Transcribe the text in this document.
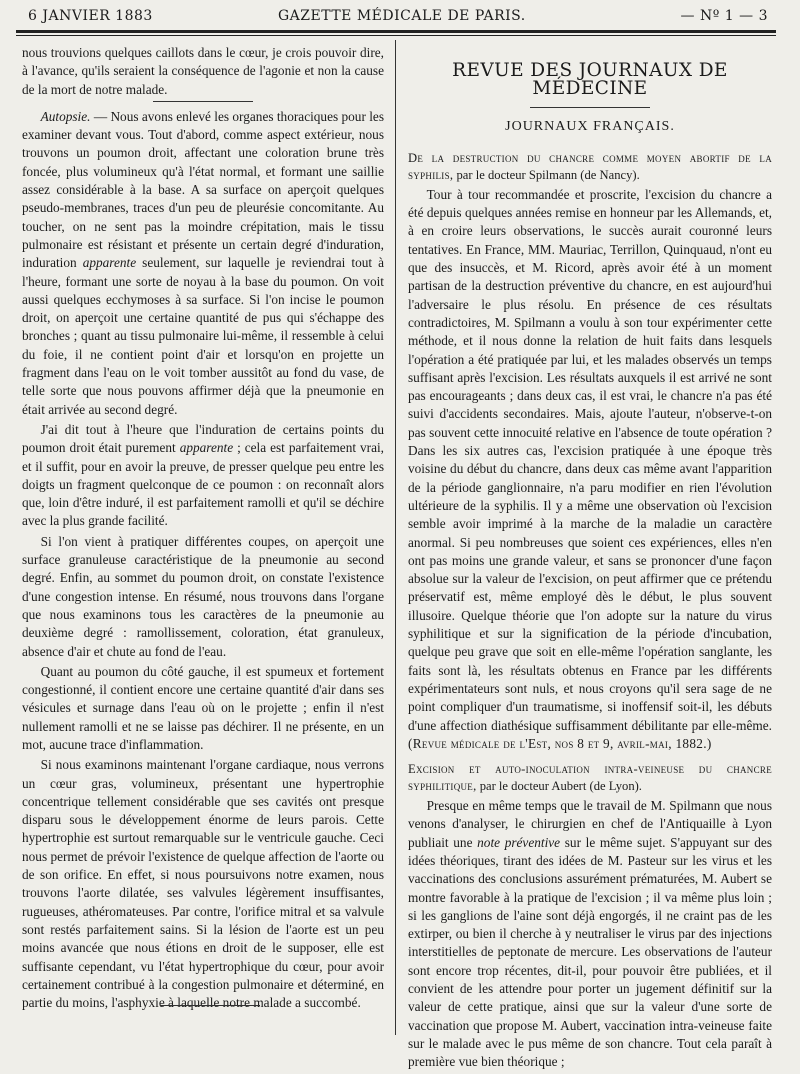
6 JANVIER 1883	GAZETTE MÉDICALE DE PARIS.	— Nº 1 — 3

nous trouvions quelques caillots dans le cœur, je crois pouvoir dire, à l'avance, qu'ils seraient la conséquence de l'agonie et non la cause de la mort de notre malade.

Autopsie. — Nous avons enlevé les organes thoraciques pour les examiner devant vous. Tout d'abord, comme aspect extérieur, nous trouvons un poumon droit, affectant une coloration brune très foncée, plus volumineux qu'à l'état normal, et formant une saillie assez considérable à la base. A sa surface on aperçoit quelques pseudo-membranes, traces d'un peu de pleurésie concomitante. Au toucher, on ne sent pas la moindre crépitation, mais le tissu pulmonaire est résistant et présente un certain degré d'induration, induration apparente seulement, sur laquelle je reviendrai tout à l'heure, formant une sorte de noyau à la base du poumon. On voit aussi quelques ecchymoses à sa surface. Si l'on incise le poumon droit, on aperçoit une certaine quantité de pus qui s'échappe des bronches ; quant au tissu pulmonaire lui-même, il ressemble à celui du foie, il ne contient point d'air et lorsqu'on en projette un fragment dans l'eau on le voit tomber aussitôt au fond du vase, de telle sorte que nous pouvons affirmer déjà que la pneumonie en était arrivée au second degré.

J'ai dit tout à l'heure que l'induration de certains points du poumon droit était purement apparente ; cela est parfaitement vrai, et il suffit, pour en avoir la preuve, de presser quelque peu entre les doigts un fragment quelconque de ce poumon : on reconnaît alors que, loin d'être induré, il est parfaitement ramolli et qu'il se déchire avec la plus grande facilité.

Si l'on vient à pratiquer différentes coupes, on aperçoit une surface granuleuse caractéristique de la pneumonie au second degré. Enfin, au sommet du poumon droit, on constate l'existence d'une congestion intense. En résumé, nous trouvons dans l'organe que nous examinons tous les caractères de la pneumonie au deuxième degré : ramollissement, coloration, état granuleux, absence d'air et chute au fond de l'eau.

Quant au poumon du côté gauche, il est spumeux et fortement congestionné, il contient encore une certaine quantité d'air dans ses vésicules et surnage dans l'eau où on le projette ; enfin il n'est nullement ramolli et ne se laisse pas déchirer. Il ne présente, en un mot, aucune trace d'inflammation.

Si nous examinons maintenant l'organe cardiaque, nous verrons un cœur gras, volumineux, présentant une hypertrophie concentrique tellement considérable que ses cavités ont presque disparu sous le développement énorme de leurs parois. Cette hypertrophie est surtout remarquable sur le ventricule gauche. Ceci nous permet de prévoir l'existence de quelque affection de l'aorte ou de son orifice. En effet, si nous poursuivons notre examen, nous trouvons l'aorte dilatée, ses valvules légèrement insuffisantes, rugueuses, athéromateuses. Par contre, l'orifice mitral et sa valvule sont restés parfaitement sains. Si la lésion de l'aorte est un peu moins avancée que nous étions en droit de le supposer, elle est suffisante cependant, vu l'état hypertrophique du cœur, pour avoir certainement contribué à la congestion pulmonaire et déterminé, en partie du moins, l'asphyxie à laquelle notre malade a succombé.

REVUE DES JOURNAUX DE MÉDECINE
JOURNAUX FRANÇAIS.

De la destruction du chancre comme moyen abortif de la syphilis, par le docteur Spilmann (de Nancy).

Tour à tour recommandée et proscrite, l'excision du chancre a été depuis quelques années remise en honneur par les Allemands, et, à en croire leurs observations, le succès aurait couronné leurs tentatives. En France, MM. Mauriac, Terrillon, Quinquaud, n'ont eu que des insuccès, et M. Ricord, après avoir été à un moment partisan de la destruction préventive du chancre, en est aujourd'hui l'adversaire le plus résolu. En présence de ces résultats contradictoires, M. Spilmann a voulu à son tour expérimenter cette méthode, et il nous donne la relation de huit faits dans lesquels l'opération a été pratiquée par lui, et les malades observés un temps suffisant après l'excision. Les résultats auxquels il est arrivé ne sont pas encourageants ; dans deux cas, il est vrai, le chancre n'a pas été suivi d'accidents secondaires. Mais, ajoute l'auteur, n'observe-t-on pas souvent cette innocuité relative en l'absence de toute opération ? Dans les six autres cas, l'excision pratiquée à une époque très voisine du début du chancre, dans deux cas même avant l'apparition de la période ganglionnaire, n'a paru modifier en rien l'évolution ultérieure de la syphilis. Il y a même une observation où l'excision semble avoir imprimé à la marche de la maladie un caractère anormal. Si peu nombreuses que soient ces expériences, elles n'en ont pas moins une grande valeur, et sans se prononcer d'une façon absolue sur la valeur de l'excision, on peut affirmer que ce prétendu préservatif est, même employé dès le début, le plus souvent illusoire. Quelque théorie que l'on adopte sur la nature du virus syphilitique et sur la signification de la période d'incubation, quelque peu grave que soit en elle-même l'opération sanglante, les faits sont là, les résultats obtenus en France par les différents expérimentateurs sont nuls, et nous croyons qu'il sera sage de ne point compliquer d'un traumatisme, si inoffensif soit-il, les débuts d'une affection diathésique suffisamment débilitante par elle-même. (Revue médicale de l'Est, nos 8 et 9, avril-mai, 1882.)

Excision et auto-inoculation intra-veineuse du chancre syphilitique, par le docteur Aubert (de Lyon).

Presque en même temps que le travail de M. Spilmann que nous venons d'analyser, le chirurgien en chef de l'Antiquaille à Lyon publiait une note préventive sur le même sujet. S'appuyant sur des idées théoriques, tirant des idées de M. Pasteur sur les virus et les vaccinations des conclusions assurément prématurées, M. Aubert se montre favorable à la pratique de l'excision ; il va même plus loin ; si les ganglions de l'aine sont déjà engorgés, il ne craint pas de les extirper, ou bien il cherche à y neutraliser le virus par des injections interstitielles de peptonate de mercure. Les observations de l'auteur sont encore trop récentes, dit-il, pour pouvoir être publiées, et il convient de les attendre pour porter un jugement définitif sur la valeur de cette pratique, ainsi que sur la valeur d'une sorte de vaccination que propose M. Aubert, vaccination intra-veineuse faite sur le malade avec le pus même de son chancre. Tout cela paraît à première vue bien théorique ;
